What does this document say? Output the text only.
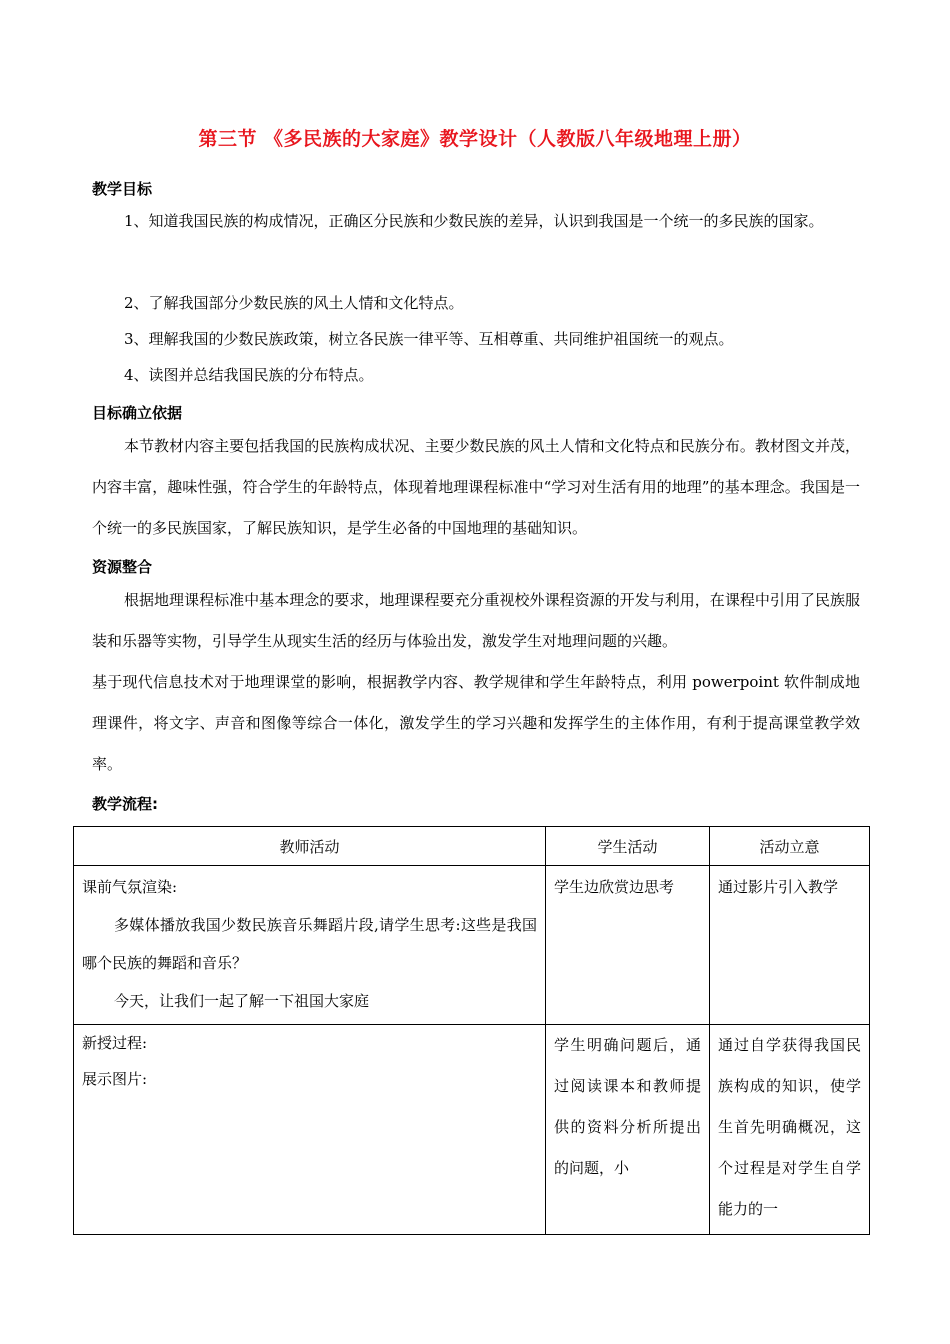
第三节 《多民族的大家庭》教学设计（人教版八年级地理上册）
教学目标
1、知道我国民族的构成情况，正确区分民族和少数民族的差异，认识到我国是一个统一的多民族的国家。
2、了解我国部分少数民族的风土人情和文化特点。
3、理解我国的少数民族政策，树立各民族一律平等、互相尊重、共同维护祖国统一的观点。
4、读图并总结我国民族的分布特点。
目标确立依据
本节教材内容主要包括我国的民族构成状况、主要少数民族的风土人情和文化特点和民族分布。教材图文并茂，内容丰富，趣味性强，符合学生的年龄特点，体现着地理课程标准中“学习对生活有用的地理”的基本理念。我国是一个统一的多民族国家，了解民族知识，是学生必备的中国地理的基础知识。
资源整合
根据地理课程标准中基本理念的要求，地理课程要充分重视校外课程资源的开发与利用，在课程中引用了民族服装和乐器等实物，引导学生从现实生活的经历与体验出发，激发学生对地理问题的兴趣。
基于现代信息技术对于地理课堂的影响，根据教学内容、教学规律和学生年龄特点，利用 powerpoint 软件制成地理课件，将文字、声音和图像等综合一体化，激发学生的学习兴趣和发挥学生的主体作用，有利于提高课堂教学效率。
教学流程:
教师活动	学生活动	活动立意

课前气氛渲染:
多媒体播放我国少数民族音乐舞蹈片段,请学生思考:这些是我国哪个民族的舞蹈和音乐？
今天，让我们一起了解一下祖国大家庭	学生边欣赏边思考	通过影片引入教学

新授过程:
展示图片:	学生明确问题后，通过阅读课本和教师提供的资料分析所提出的问题，小	通过自学获得我国民族构成的知识，使学生首先明确概况，这个过程是对学生自学能力的一
